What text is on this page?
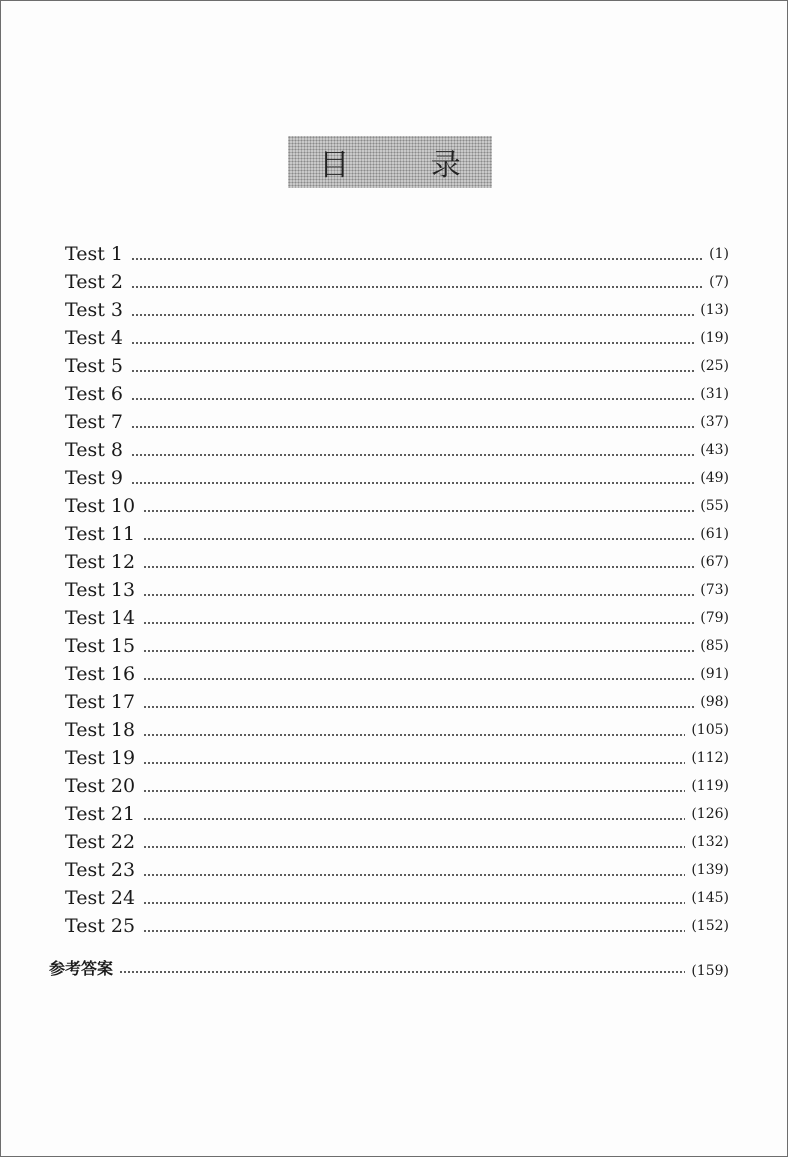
目 录
Test 1	(1)
Test 2	(7)
Test 3	(13)
Test 4	(19)
Test 5	(25)
Test 6	(31)
Test 7	(37)
Test 8	(43)
Test 9	(49)
Test 10	(55)
Test 11	(61)
Test 12	(67)
Test 13	(73)
Test 14	(79)
Test 15	(85)
Test 16	(91)
Test 17	(98)
Test 18	(105)
Test 19	(112)
Test 20	(119)
Test 21	(126)
Test 22	(132)
Test 23	(139)
Test 24	(145)
Test 25	(152)
参考答案	(159)
